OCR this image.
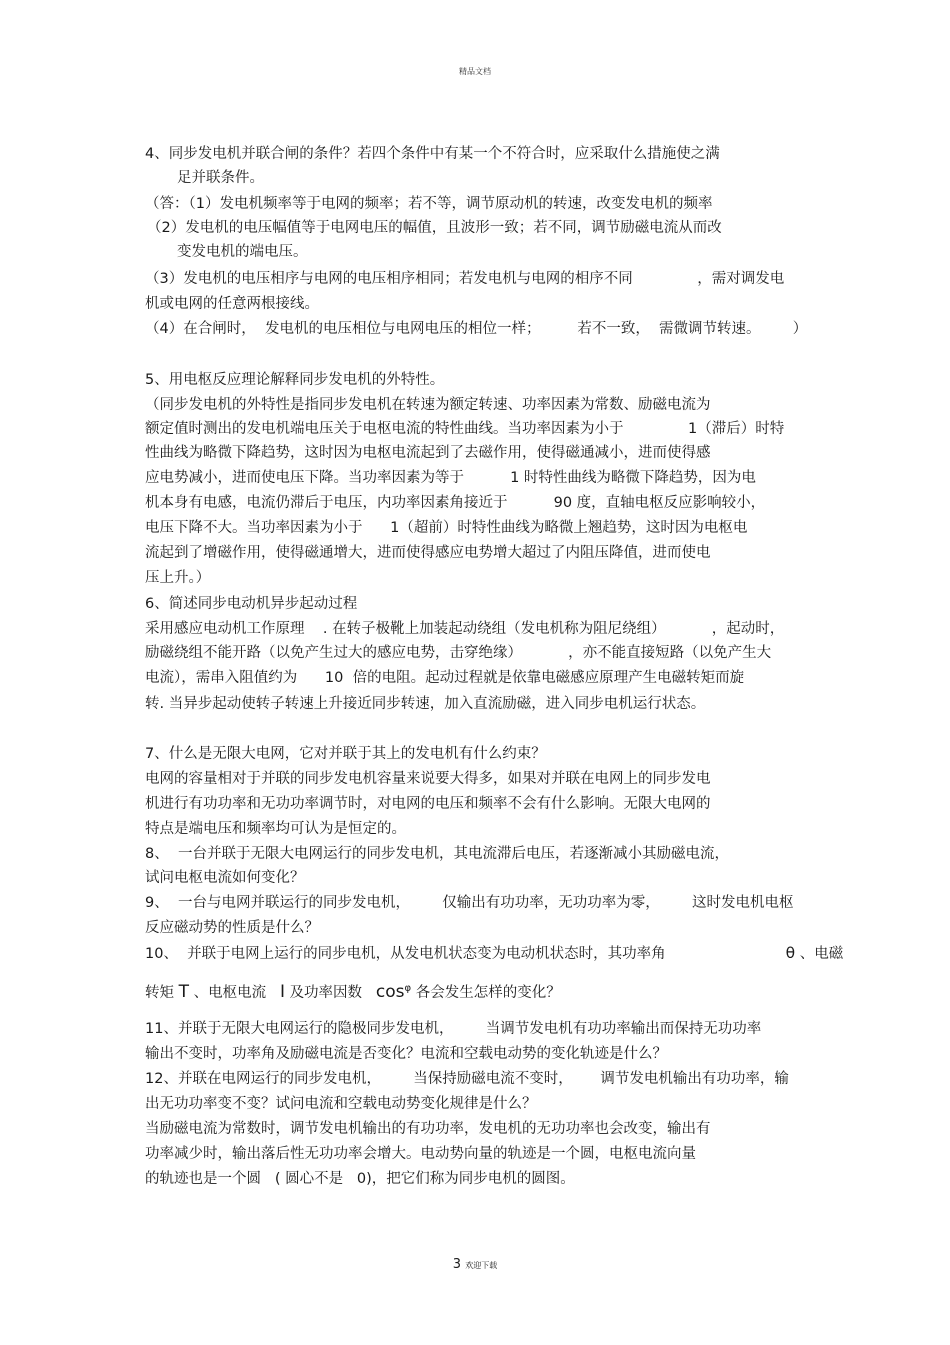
精品文档
4、同步发电机并联合闸的条件？若四个条件中有某一个不符合时，应采取什么措施使之满
足并联条件。
（答：（1）发电机频率等于电网的频率；若不等，调节原动机的转速，改变发电机的频率
（2）发电机的电压幅值等于电网电压的幅值，且波形一致；若不同，调节励磁电流从而改
变发电机的端电压。
（3）发电机的电压相序与电网的电压相序相同；若发电机与电网的相序不同              ，需对调发电
机或电网的任意两根接线。
（4）在合闸时，  发电机的电压相位与电网电压的相位一样；        若不一致，  需微调节转速。       ）
5、用电枢反应理论解释同步发电机的外特性。
（同步发电机的外特性是指同步发电机在转速为额定转速、功率因素为常数、励磁电流为
额定值时测出的发电机端电压关于电枢电流的特性曲线。当功率因素为小于              1（滞后）时特
性曲线为略微下降趋势，这时因为电枢电流起到了去磁作用，使得磁通减小，进而使得感
应电势减小，进而使电压下降。当功率因素为等于          1 时特性曲线为略微下降趋势，因为电
机本身有电感，电流仍滞后于电压，内功率因素角接近于          90 度，直轴电枢反应影响较小，
电压下降不大。当功率因素为小于      1（超前）时特性曲线为略微上翘趋势，这时因为电枢电
流起到了增磁作用，使得磁通增大，进而使得感应电势增大超过了内阻压降值，进而使电
压上升。）
6、简述同步电动机异步起动过程
采用感应电动机工作原理    . 在转子极靴上加装起动绕组（发电机称为阻尼绕组）          ，起动时，
励磁绕组不能开路（以免产生过大的感应电势，击穿绝缘）          ，亦不能直接短路（以免产生大
电流），需串入阻值约为      10  倍的电阻。起动过程就是依靠电磁感应原理产生电磁转矩而旋
转. 当异步起动使转子转速上升接近同步转速，加入直流励磁，进入同步电机运行状态。
7、什么是无限大电网，它对并联于其上的发电机有什么约束？
电网的容量相对于并联的同步发电机容量来说要大得多，如果对并联在电网上的同步发电
机进行有功功率和无功功率调节时，对电网的电压和频率不会有什么影响。无限大电网的
特点是端电压和频率均可认为是恒定的。
8、  一台并联于无限大电网运行的同步发电机，其电流滞后电压，若逐渐减小其励磁电流，
试问电枢电流如何变化？
9、  一台与电网并联运行的同步发电机，       仅输出有功功率，无功功率为零，       这时发电机电枢
反应磁动势的性质是什么？
10、  并联于电网上运行的同步电机，从发电机状态变为电动机状态时，其功率角	θ 、电磁
转矩 T 、电枢电流 I 及功率因数 $\cos^\varphi$ 各会发生怎样的变化？
11、并联于无限大电网运行的隐极同步发电机，       当调节发电机有功功率输出而保持无功功率
输出不变时，功率角及励磁电流是否变化？电流和空载电动势的变化轨迹是什么？
12、并联在电网运行的同步发电机，       当保持励磁电流不变时，      调节发电机输出有功功率，输
出无功功率变不变？试问电流和空载电动势变化规律是什么？
当励磁电流为常数时，调节发电机输出的有功功率，发电机的无功功率也会改变，输出有
功率减少时，输出落后性无功功率会增大。电动势向量的轨迹是一个圆，电枢电流向量
的轨迹也是一个圆   ( 圆心不是   0)，把它们称为同步电机的圆图。
3 欢迎下载
